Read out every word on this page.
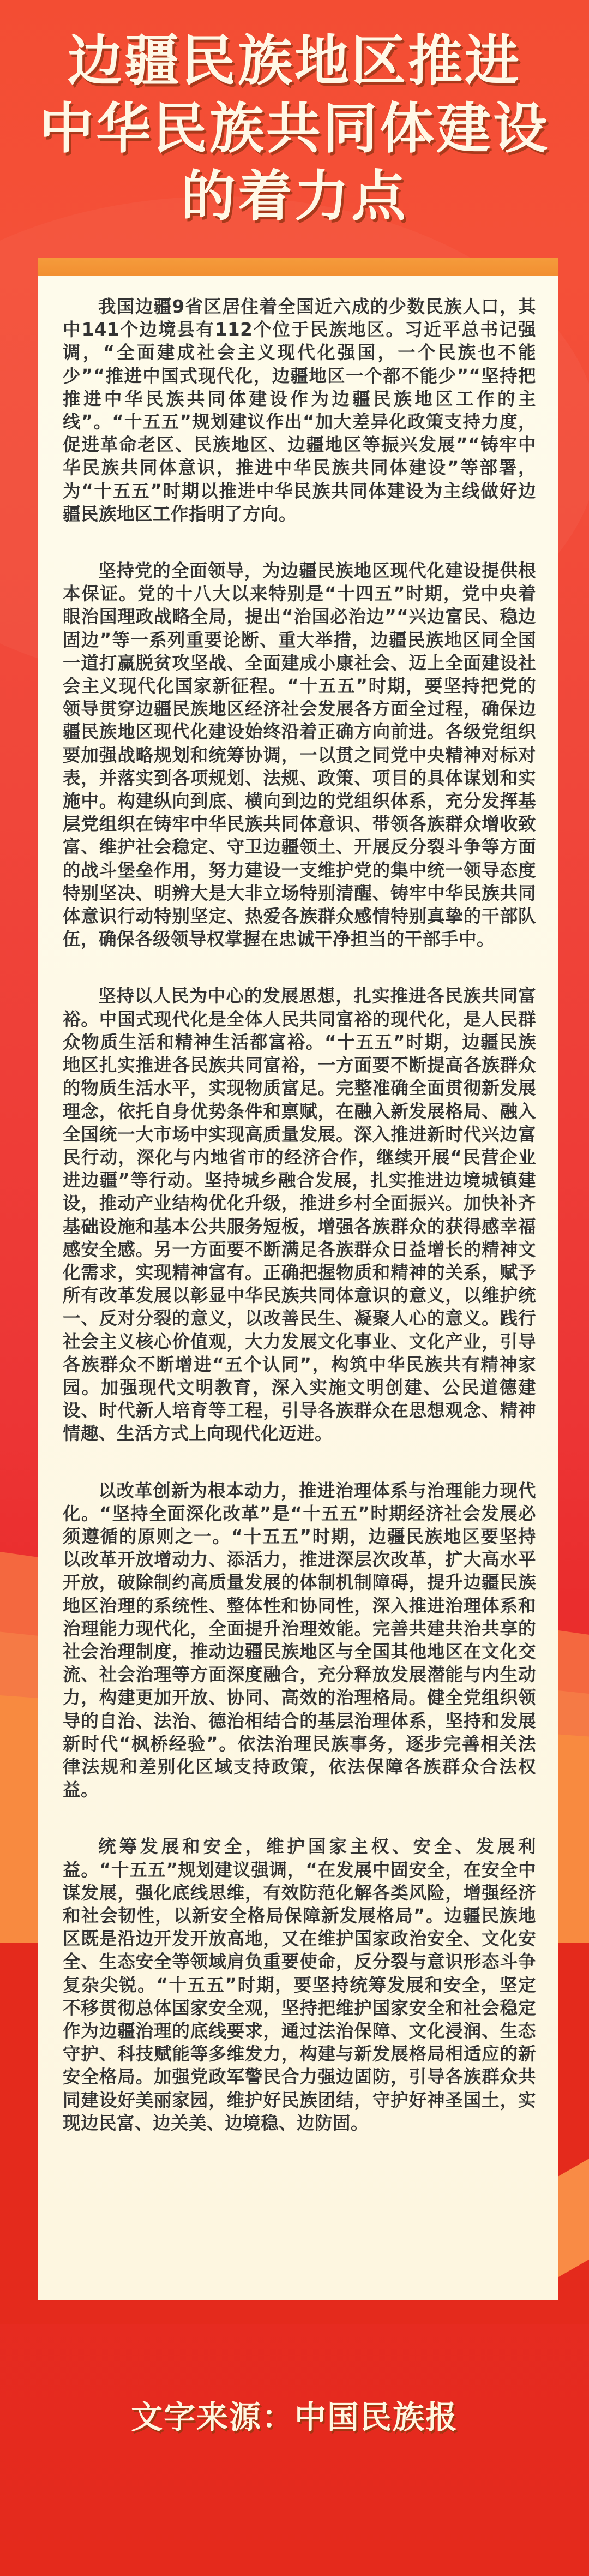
边疆民族地区推进
中华民族共同体建设
的着力点

我国边疆9省区居住着全国近六成的少数民族人口，其中141个边境县有112个位于民族地区。习近平总书记强调，“全面建成社会主义现代化强国，一个民族也不能少”“推进中国式现代化，边疆地区一个都不能少”“坚持把推进中华民族共同体建设作为边疆民族地区工作的主线”。“十五五”规划建议作出“加大差异化政策支持力度，促进革命老区、民族地区、边疆地区等振兴发展”“铸牢中华民族共同体意识，推进中华民族共同体建设”等部署，为“十五五”时期以推进中华民族共同体建设为主线做好边疆民族地区工作指明了方向。

坚持党的全面领导，为边疆民族地区现代化建设提供根本保证。党的十八大以来特别是“十四五”时期，党中央着眼治国理政战略全局，提出“治国必治边”“兴边富民、稳边固边”等一系列重要论断、重大举措，边疆民族地区同全国一道打赢脱贫攻坚战、全面建成小康社会、迈上全面建设社会主义现代化国家新征程。“十五五”时期，要坚持把党的领导贯穿边疆民族地区经济社会发展各方面全过程，确保边疆民族地区现代化建设始终沿着正确方向前进。各级党组织要加强战略规划和统筹协调，一以贯之同党中央精神对标对表，并落实到各项规划、法规、政策、项目的具体谋划和实施中。构建纵向到底、横向到边的党组织体系，充分发挥基层党组织在铸牢中华民族共同体意识、带领各族群众增收致富、维护社会稳定、守卫边疆领土、开展反分裂斗争等方面的战斗堡垒作用，努力建设一支维护党的集中统一领导态度特别坚决、明辨大是大非立场特别清醒、铸牢中华民族共同体意识行动特别坚定、热爱各族群众感情特别真挚的干部队伍，确保各级领导权掌握在忠诚干净担当的干部手中。

坚持以人民为中心的发展思想，扎实推进各民族共同富裕。中国式现代化是全体人民共同富裕的现代化，是人民群众物质生活和精神生活都富裕。“十五五”时期，边疆民族地区扎实推进各民族共同富裕，一方面要不断提高各族群众的物质生活水平，实现物质富足。完整准确全面贯彻新发展理念，依托自身优势条件和禀赋，在融入新发展格局、融入全国统一大市场中实现高质量发展。深入推进新时代兴边富民行动，深化与内地省市的经济合作，继续开展“民营企业进边疆”等行动。坚持城乡融合发展，扎实推进边境城镇建设，推动产业结构优化升级，推进乡村全面振兴。加快补齐基础设施和基本公共服务短板，增强各族群众的获得感幸福感安全感。另一方面要不断满足各族群众日益增长的精神文化需求，实现精神富有。正确把握物质和精神的关系，赋予所有改革发展以彰显中华民族共同体意识的意义，以维护统一、反对分裂的意义，以改善民生、凝聚人心的意义。践行社会主义核心价值观，大力发展文化事业、文化产业，引导各族群众不断增进“五个认同”，构筑中华民族共有精神家园。加强现代文明教育，深入实施文明创建、公民道德建设、时代新人培育等工程，引导各族群众在思想观念、精神情趣、生活方式上向现代化迈进。

以改革创新为根本动力，推进治理体系与治理能力现代化。“坚持全面深化改革”是“十五五”时期经济社会发展必须遵循的原则之一。“十五五”时期，边疆民族地区要坚持以改革开放增动力、添活力，推进深层次改革，扩大高水平开放，破除制约高质量发展的体制机制障碍，提升边疆民族地区治理的系统性、整体性和协同性，深入推进治理体系和治理能力现代化，全面提升治理效能。完善共建共治共享的社会治理制度，推动边疆民族地区与全国其他地区在文化交流、社会治理等方面深度融合，充分释放发展潜能与内生动力，构建更加开放、协同、高效的治理格局。健全党组织领导的自治、法治、德治相结合的基层治理体系，坚持和发展新时代“枫桥经验”。依法治理民族事务，逐步完善相关法律法规和差别化区域支持政策，依法保障各族群众合法权益。

统筹发展和安全，维护国家主权、安全、发展利益。“十五五”规划建议强调，“在发展中固安全，在安全中谋发展，强化底线思维，有效防范化解各类风险，增强经济和社会韧性，以新安全格局保障新发展格局”。边疆民族地区既是沿边开发开放高地，又在维护国家政治安全、文化安全、生态安全等领域肩负重要使命，反分裂与意识形态斗争复杂尖锐。“十五五”时期，要坚持统筹发展和安全，坚定不移贯彻总体国家安全观，坚持把维护国家安全和社会稳定作为边疆治理的底线要求，通过法治保障、文化浸润、生态守护、科技赋能等多维发力，构建与新发展格局相适应的新安全格局。加强党政军警民合力强边固防，引导各族群众共同建设好美丽家园，维护好民族团结，守护好神圣国土，实现边民富、边关美、边境稳、边防固。

文字来源：中国民族报
